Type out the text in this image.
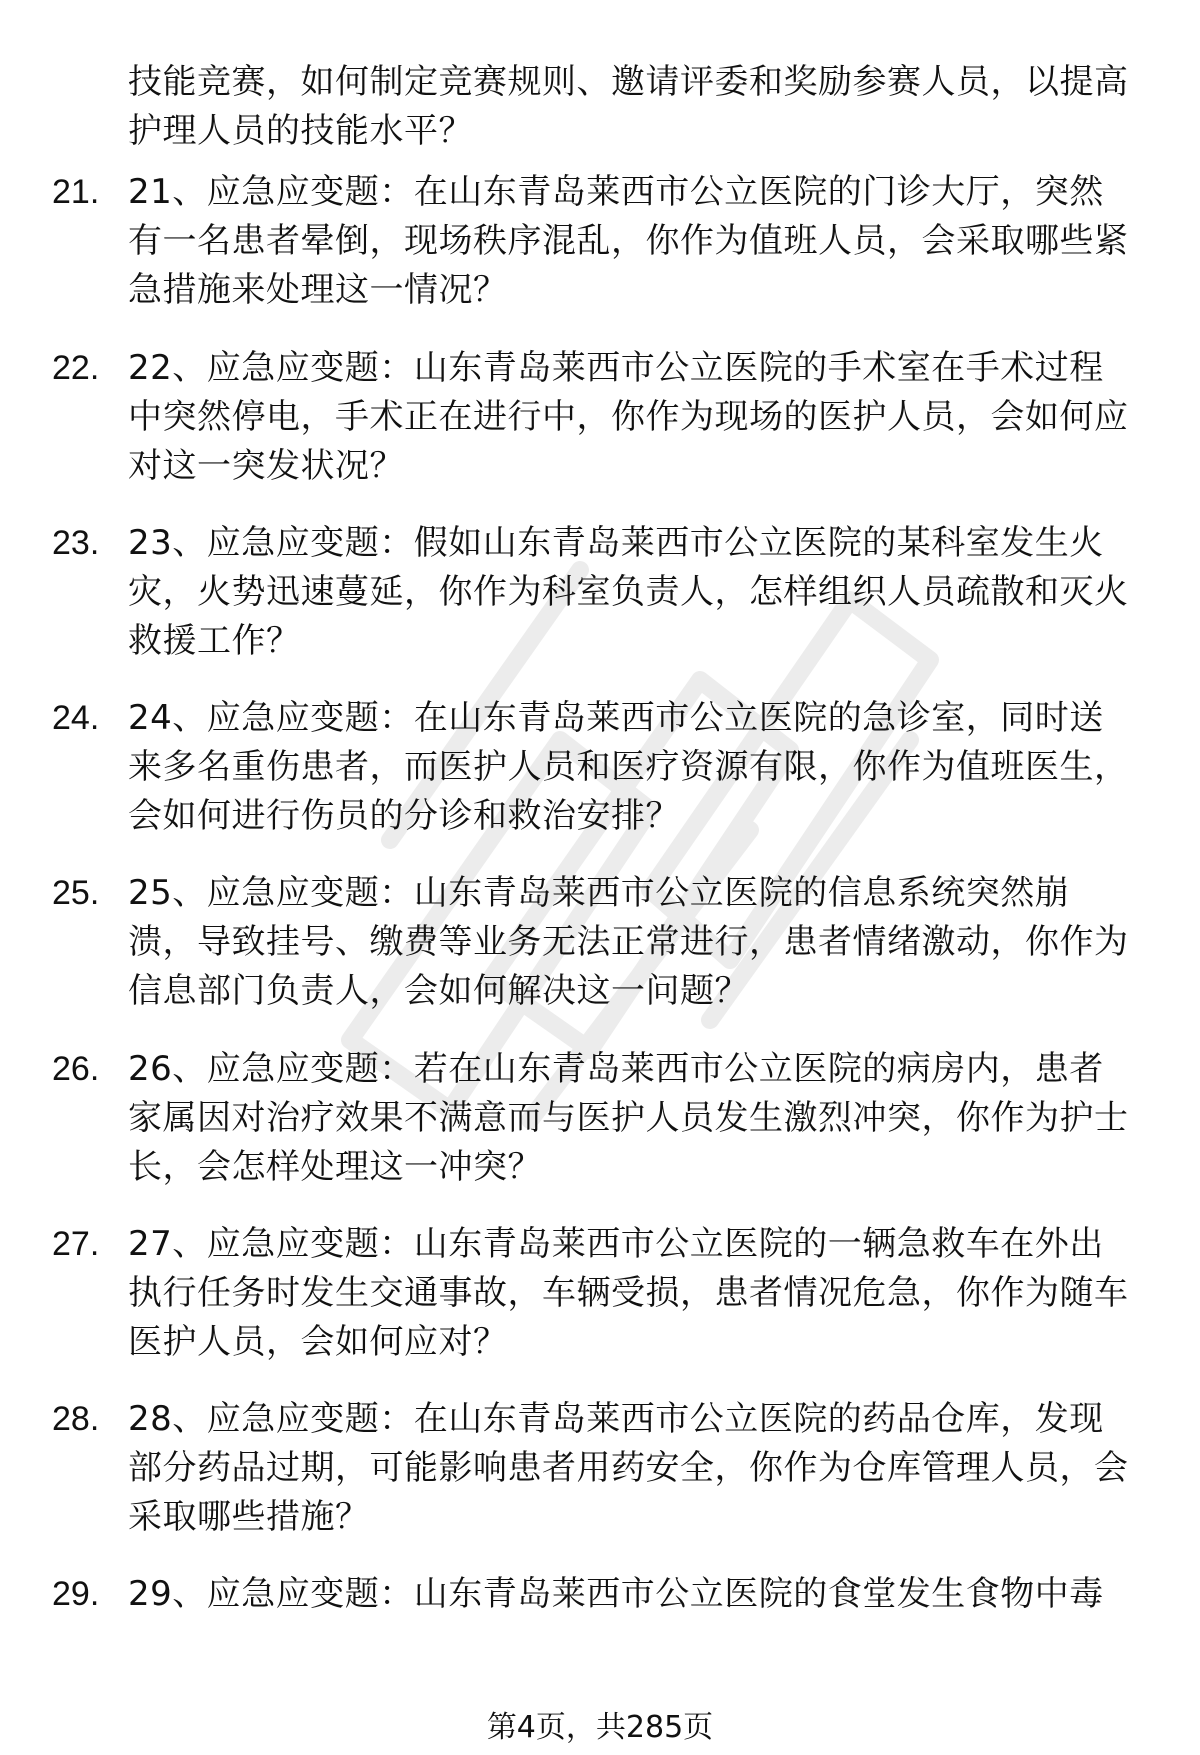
技能竞赛，如何制定竞赛规则、邀请评委和奖励参赛人员，以提高护理人员的技能水平？
21. 21、应急应变题：在山东青岛莱西市公立医院的门诊大厅，突然有一名患者晕倒，现场秩序混乱，你作为值班人员，会采取哪些紧急措施来处理这一情况？
22. 22、应急应变题：山东青岛莱西市公立医院的手术室在手术过程中突然停电，手术正在进行中，你作为现场的医护人员，会如何应对这一突发状况？
23. 23、应急应变题：假如山东青岛莱西市公立医院的某科室发生火灾，火势迅速蔓延，你作为科室负责人，怎样组织人员疏散和灭火救援工作？
24. 24、应急应变题：在山东青岛莱西市公立医院的急诊室，同时送来多名重伤患者，而医护人员和医疗资源有限，你作为值班医生，会如何进行伤员的分诊和救治安排？
25. 25、应急应变题：山东青岛莱西市公立医院的信息系统突然崩溃，导致挂号、缴费等业务无法正常进行，患者情绪激动，你作为信息部门负责人，会如何解决这一问题？
26. 26、应急应变题：若在山东青岛莱西市公立医院的病房内，患者家属因对治疗效果不满意而与医护人员发生激烈冲突，你作为护士长，会怎样处理这一冲突？
27. 27、应急应变题：山东青岛莱西市公立医院的一辆急救车在外出执行任务时发生交通事故，车辆受损，患者情况危急，你作为随车医护人员，会如何应对？
28. 28、应急应变题：在山东青岛莱西市公立医院的药品仓库，发现部分药品过期，可能影响患者用药安全，你作为仓库管理人员，会采取哪些措施？
29. 29、应急应变题：山东青岛莱西市公立医院的食堂发生食物中毒
第4页，共285页
